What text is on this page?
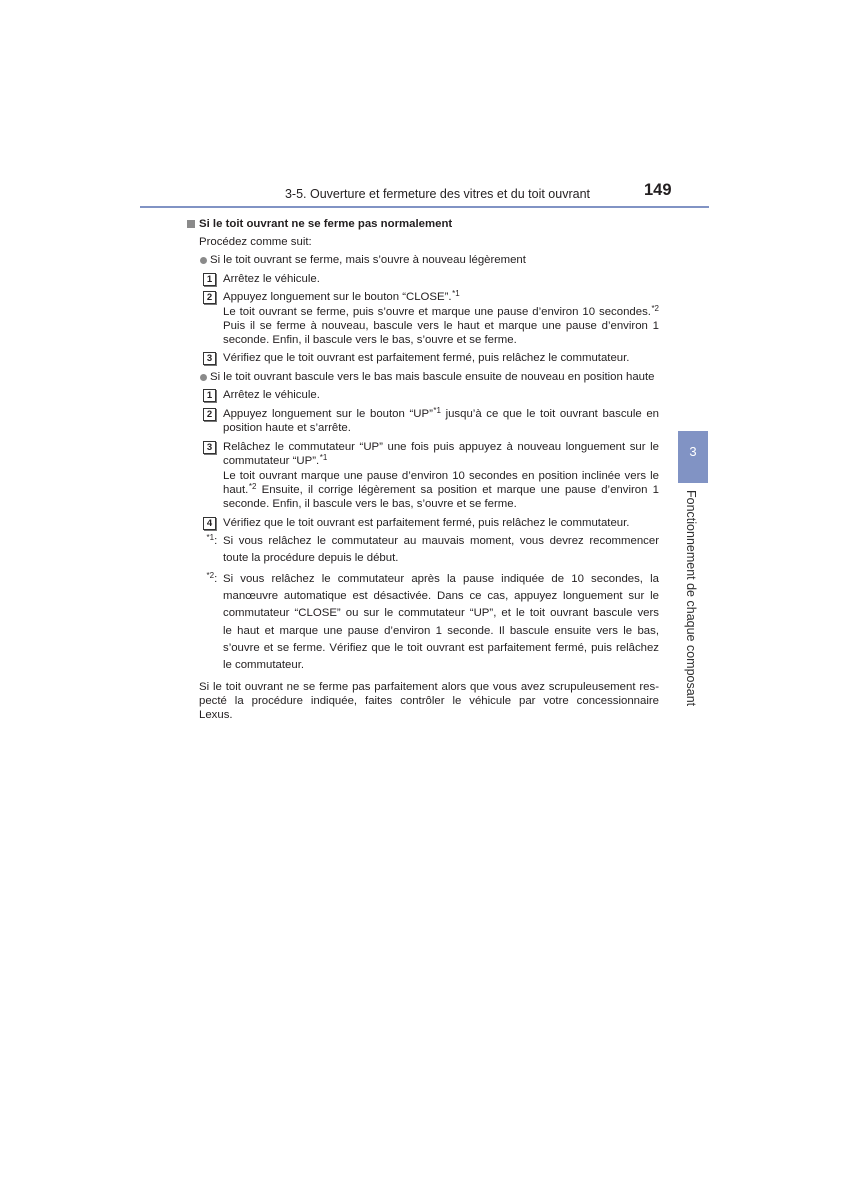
3-5. Ouverture et fermeture des vitres et du toit ouvrant	149
3
Fonctionnement de chaque composant
Si le toit ouvrant ne se ferme pas normalement
Procédez comme suit:
Si le toit ouvrant se ferme, mais s’ouvre à nouveau légèrement
1 Arrêtez le véhicule.
2 Appuyez longuement sur le bouton “CLOSE”.$^{*1}$
Le toit ouvrant se ferme, puis s’ouvre et marque une pause d’environ 10 secondes.$^{*2}$
Puis il se ferme à nouveau, bascule vers le haut et marque une pause d’environ 1
seconde. Enfin, il bascule vers le bas, s’ouvre et se ferme.
3 Vérifiez que le toit ouvrant est parfaitement fermé, puis relâchez le commutateur.
Si le toit ouvrant bascule vers le bas mais bascule ensuite de nouveau en position haute
1 Arrêtez le véhicule.
2 Appuyez longuement sur le bouton “UP”$^{*1}$ jusqu’à ce que le toit ouvrant bascule en
position haute et s’arrête.
3 Relâchez le commutateur “UP” une fois puis appuyez à nouveau longuement sur le
commutateur “UP”.$^{*1}$
Le toit ouvrant marque une pause d’environ 10 secondes en position inclinée vers le
haut.$^{*2}$ Ensuite, il corrige légèrement sa position et marque une pause d’environ 1
seconde. Enfin, il bascule vers le bas, s’ouvre et se ferme.
4 Vérifiez que le toit ouvrant est parfaitement fermé, puis relâchez le commutateur.
$^{*1}$: Si vous relâchez le commutateur au mauvais moment, vous devrez recommencer
toute la procédure depuis le début.
$^{*2}$: Si vous relâchez le commutateur après la pause indiquée de 10 secondes, la
manœuvre automatique est désactivée. Dans ce cas, appuyez longuement sur le
commutateur “CLOSE” ou sur le commutateur “UP”, et le toit ouvrant bascule vers
le haut et marque une pause d’environ 1 seconde. Il bascule ensuite vers le bas,
s’ouvre et se ferme. Vérifiez que le toit ouvrant est parfaitement fermé, puis relâchez
le commutateur.
Si le toit ouvrant ne se ferme pas parfaitement alors que vous avez scrupuleusement res-
pecté la procédure indiquée, faites contrôler le véhicule par votre concessionnaire
Lexus.
